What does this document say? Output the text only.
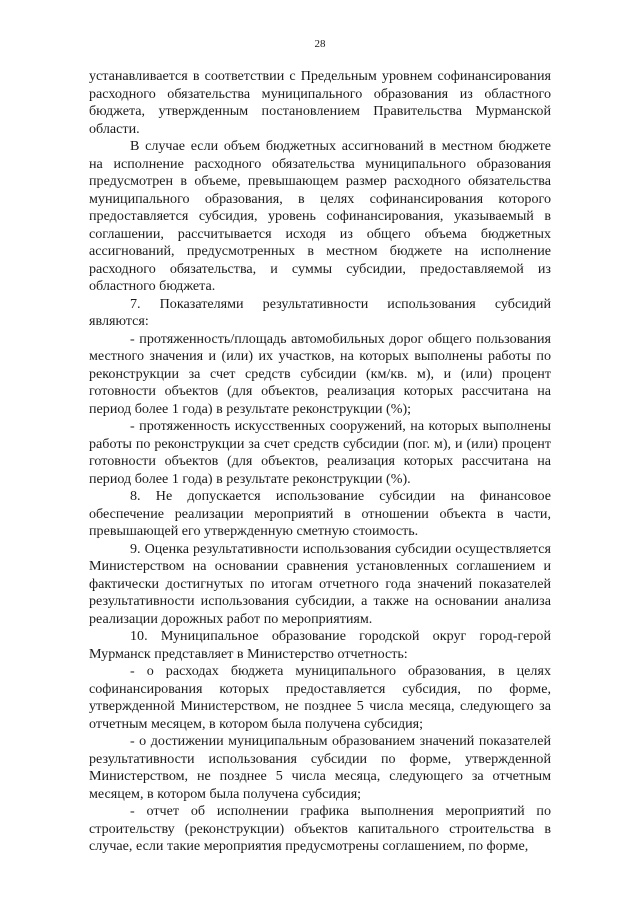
28

устанавливается в соответствии с Предельным уровнем софинансирования расходного обязательства муниципального образования из областного бюджета, утвержденным постановлением Правительства Мурманской области.

В случае если объем бюджетных ассигнований в местном бюджете на исполнение расходного обязательства муниципального образования предусмотрен в объеме, превышающем размер расходного обязательства муниципального образования, в целях софинансирования которого предоставляется субсидия, уровень софинансирования, указываемый в соглашении, рассчитывается исходя из общего объема бюджетных ассигнований, предусмотренных в местном бюджете на исполнение расходного обязательства, и суммы субсидии, предоставляемой из областного бюджета.

7. Показателями результативности использования субсидий являются:

- протяженность/площадь автомобильных дорог общего пользования местного значения и (или) их участков, на которых выполнены работы по реконструкции за счет средств субсидии (км/кв. м), и (или) процент готовности объектов (для объектов, реализация которых рассчитана на период более 1 года) в результате реконструкции (%);

- протяженность искусственных сооружений, на которых выполнены работы по реконструкции за счет средств субсидии (пог. м), и (или) процент готовности объектов (для объектов, реализация которых рассчитана на период более 1 года) в результате реконструкции (%).

8. Не допускается использование субсидии на финансовое обеспечение реализации мероприятий в отношении объекта в части, превышающей его утвержденную сметную стоимость.

9. Оценка результативности использования субсидии осуществляется Министерством на основании сравнения установленных соглашением и фактически достигнутых по итогам отчетного года значений показателей результативности использования субсидии, а также на основании анализа реализации дорожных работ по мероприятиям.

10. Муниципальное образование городской округ город-герой Мурманск представляет в Министерство отчетность:

- о расходах бюджета муниципального образования, в целях софинансирования которых предоставляется субсидия, по форме, утвержденной Министерством, не позднее 5 числа месяца, следующего за отчетным месяцем, в котором была получена субсидия;

- о достижении муниципальным образованием значений показателей результативности использования субсидии по форме, утвержденной Министерством, не позднее 5 числа месяца, следующего за отчетным месяцем, в котором была получена субсидия;

- отчет об исполнении графика выполнения мероприятий по строительству (реконструкции) объектов капитального строительства в случае, если такие мероприятия предусмотрены соглашением, по форме,
